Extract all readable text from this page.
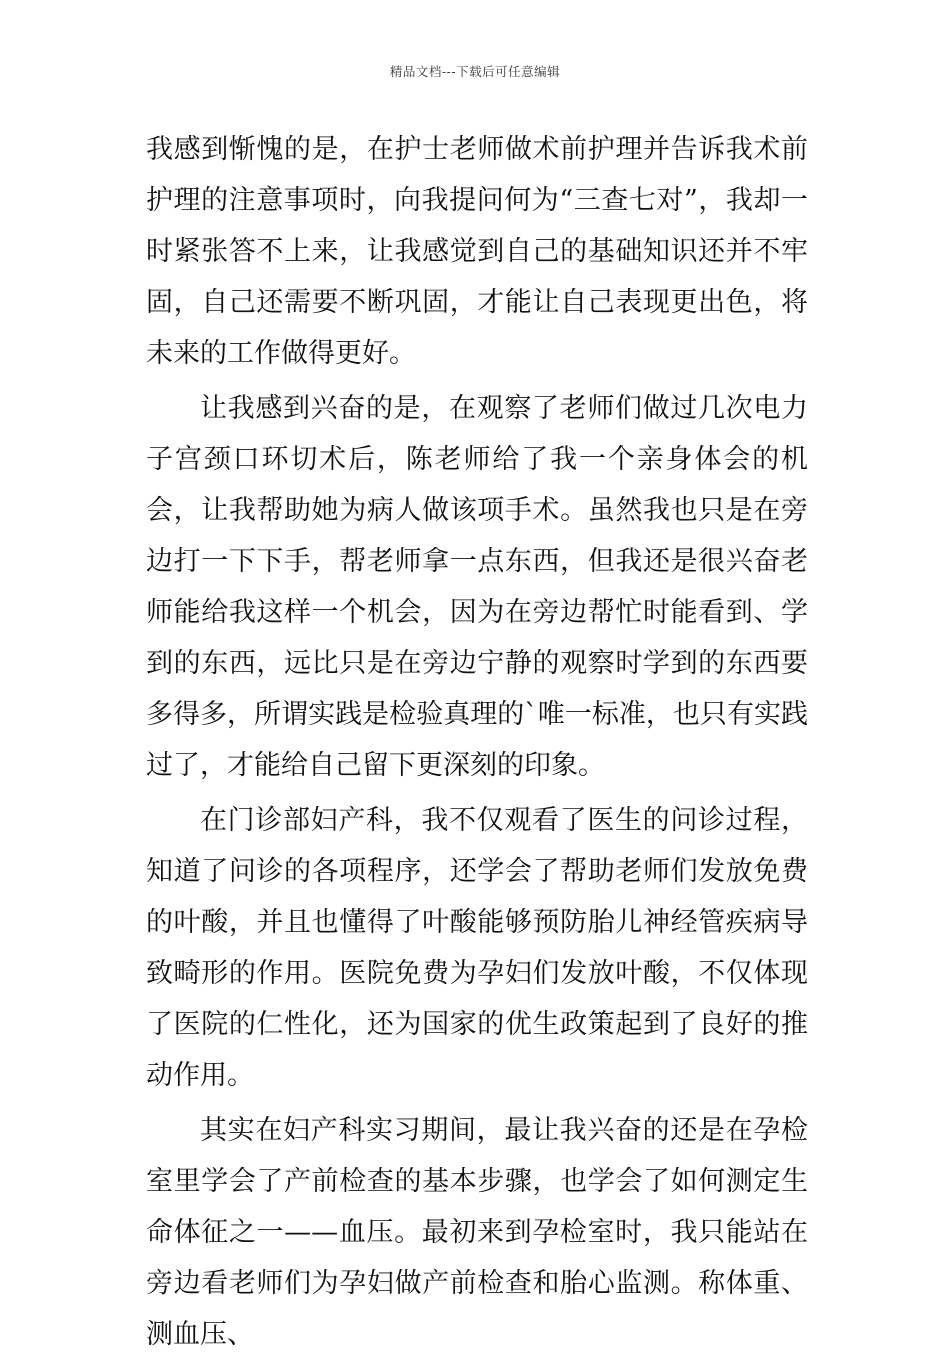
精品文档---下载后可任意编辑

我感到惭愧的是，在护士老师做术前护理并告诉我术前护理的注意事项时，向我提问何为“三查七对”，我却一时紧张答不上来，让我感觉到自己的基础知识还并不牢固，自己还需要不断巩固，才能让自己表现更出色，将未来的工作做得更好。

让我感到兴奋的是，在观察了老师们做过几次电力子宫颈口环切术后，陈老师给了我一个亲身体会的机会，让我帮助她为病人做该项手术。虽然我也只是在旁边打一下下手，帮老师拿一点东西，但我还是很兴奋老师能给我这样一个机会，因为在旁边帮忙时能看到、学到的东西，远比只是在旁边宁静的观察时学到的东西要多得多，所谓实践是检验真理的`唯一标准，也只有实践过了，才能给自己留下更深刻的印象。

在门诊部妇产科，我不仅观看了医生的问诊过程，知道了问诊的各项程序，还学会了帮助老师们发放免费的叶酸，并且也懂得了叶酸能够预防胎儿神经管疾病导致畸形的作用。医院免费为孕妇们发放叶酸，不仅体现了医院的仁性化，还为国家的优生政策起到了良好的推动作用。

其实在妇产科实习期间，最让我兴奋的还是在孕检室里学会了产前检查的基本步骤，也学会了如何测定生命体征之一——血压。最初来到孕检室时，我只能站在旁边看老师们为孕妇做产前检查和胎心监测。称体重、测血压、
